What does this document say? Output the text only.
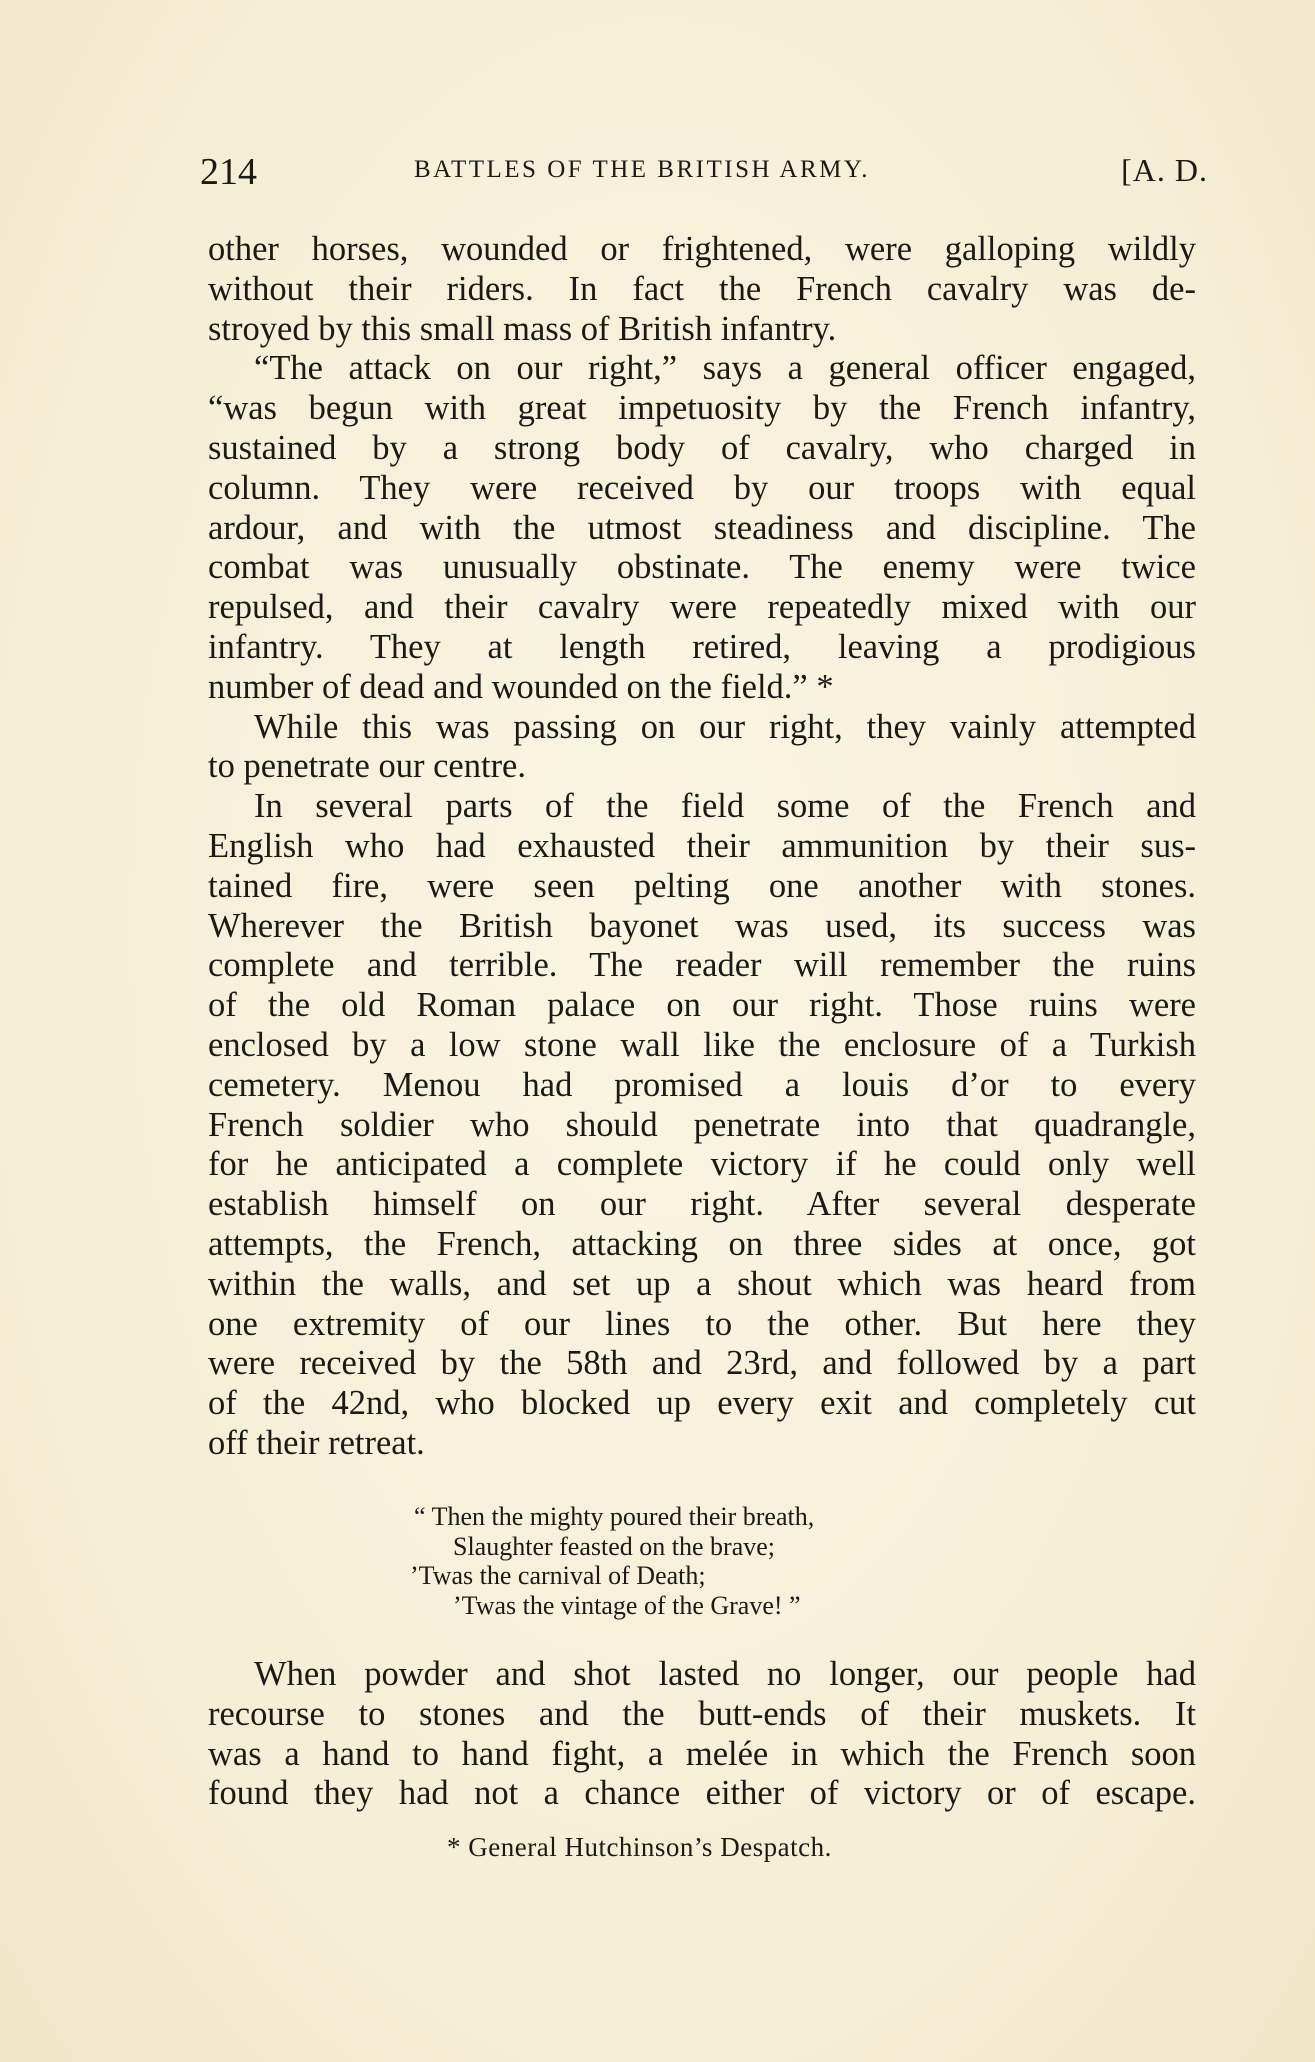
214	BATTLES OF THE BRITISH ARMY.	[A. D.
other horses, wounded or frightened, were galloping wildly
without their riders. In fact the French cavalry was de-
stroyed by this small mass of British infantry.
“The attack on our right,” says a general officer engaged,
“was begun with great impetuosity by the French infantry,
sustained by a strong body of cavalry, who charged in
column. They were received by our troops with equal
ardour, and with the utmost steadiness and discipline. The
combat was unusually obstinate. The enemy were twice
repulsed, and their cavalry were repeatedly mixed with our
infantry. They at length retired, leaving a prodigious
number of dead and wounded on the field.” *
While this was passing on our right, they vainly attempted
to penetrate our centre.
In several parts of the field some of the French and
English who had exhausted their ammunition by their sus-
tained fire, were seen pelting one another with stones.
Wherever the British bayonet was used, its success was
complete and terrible. The reader will remember the ruins
of the old Roman palace on our right. Those ruins were
enclosed by a low stone wall like the enclosure of a Turkish
cemetery. Menou had promised a louis d’or to every
French soldier who should penetrate into that quadrangle,
for he anticipated a complete victory if he could only well
establish himself on our right. After several desperate
attempts, the French, attacking on three sides at once, got
within the walls, and set up a shout which was heard from
one extremity of our lines to the other. But here they
were received by the 58th and 23rd, and followed by a part
of the 42nd, who blocked up every exit and completely cut
off their retreat.
“ Then the mighty poured their breath,
Slaughter feasted on the brave;
’Twas the carnival of Death;
’Twas the vintage of the Grave! ”
When powder and shot lasted no longer, our people had
recourse to stones and the butt-ends of their muskets. It
was a hand to hand fight, a melée in which the French soon
found they had not a chance either of victory or of escape.
* General Hutchinson’s Despatch.
